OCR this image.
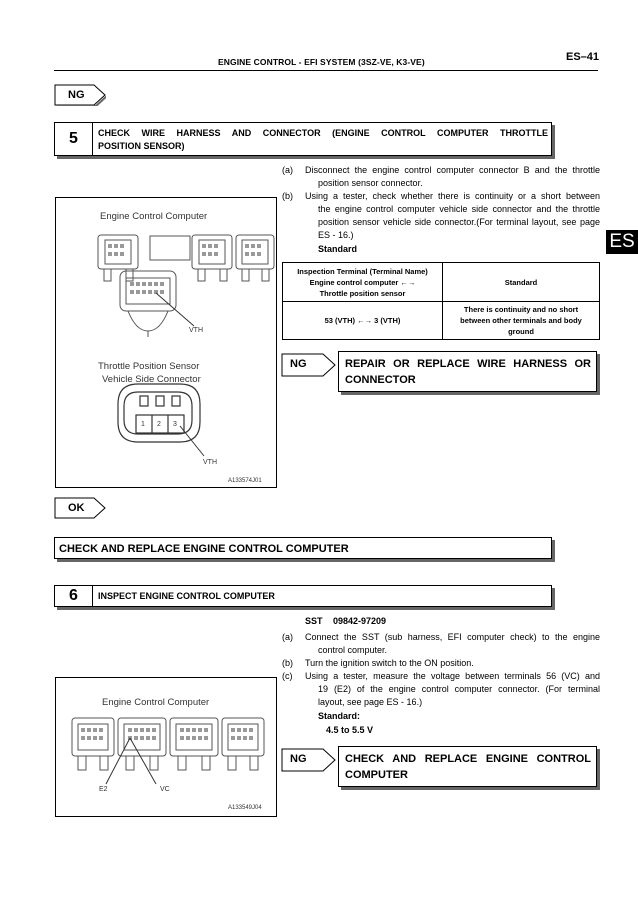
ENGINE CONTROL - EFI SYSTEM (3SZ-VE, K3-VE)	ES–41
ES
NG
5	CHECK WIRE HARNESS AND CONNECTOR (ENGINE CONTROL COMPUTER THROTTLE
POSITION SENSOR)
(a) Disconnect the engine control computer connector B and the throttle
position sensor connector.
(b) Using a tester, check whether there is continuity or a short between
the engine control computer vehicle side connector and the throttle
position sensor vehicle side connector.(For terminal layout, see page
ES - 16.)
Standard
Inspection Terminal (Terminal Name)
Engine control computer ←→
Throttle position sensor	Standard
53 (VTH) ←→ 3 (VTH)	There is continuity and no short
between other terminals and body
ground
NG	REPAIR OR REPLACE WIRE HARNESS OR
CONNECTOR
Engine Control Computer
VTH
Throttle Position Sensor
Vehicle Side Connector
1 2 3
VTH
A133574J01
OK
CHECK AND REPLACE ENGINE CONTROL COMPUTER
6	INSPECT ENGINE CONTROL COMPUTER
SST 09842-97209
(a) Connect the SST (sub harness, EFI computer check) to the engine
control computer.
(b) Turn the ignition switch to the ON position.
(c) Using a tester, measure the voltage between terminals 56 (VC) and
19 (E2) of the engine control computer connector. (For terminal
layout, see page ES - 16.)
Standard:
4.5 to 5.5 V
NG	CHECK AND REPLACE ENGINE CONTROL
COMPUTER
Engine Control Computer
E2	VC
A133549J04
